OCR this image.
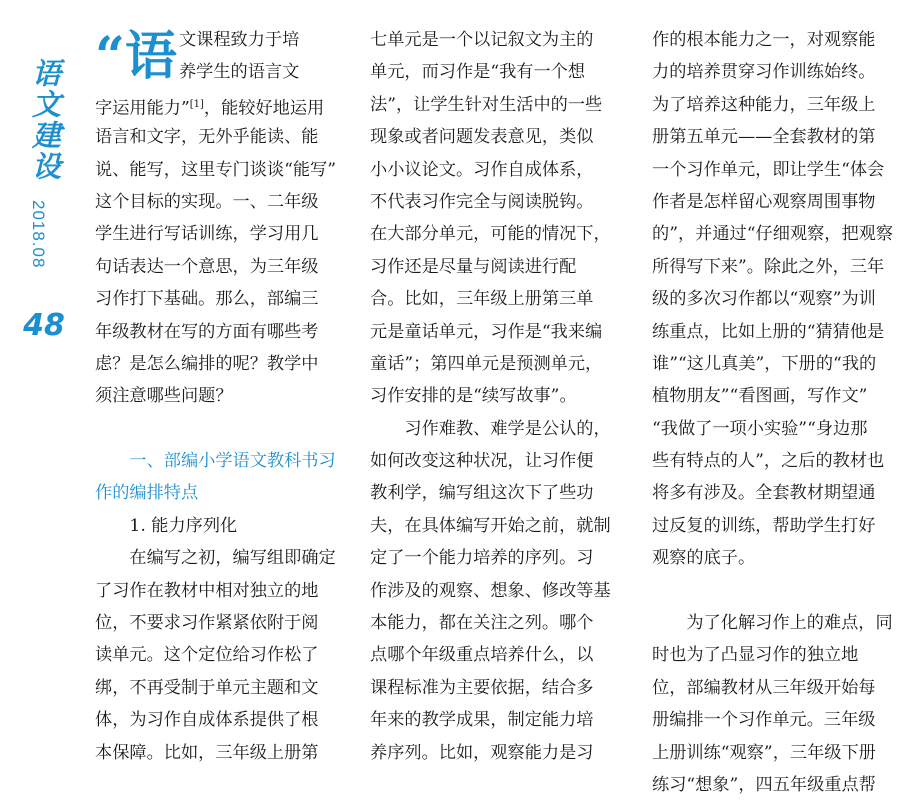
语文建设
2018.08
48
“语 文课程致力于培
养学生的语言文
字运用能力”[1]，能较好地运用
语言和文字，无外乎能读、能
说、能写，这里专门谈谈“能写”
这个目标的实现。一、二年级
学生进行写话训练，学习用几
句话表达一个意思，为三年级
习作打下基础。那么，部编三
年级教材在写的方面有哪些考
虑？是怎么编排的呢？教学中
须注意哪些问题？
一、部编小学语文教科书习
作的编排特点
1. 能力序列化
在编写之初，编写组即确定
了习作在教材中相对独立的地
位，不要求习作紧紧依附于阅
读单元。这个定位给习作松了
绑，不再受制于单元主题和文
体，为习作自成体系提供了根
本保障。比如，三年级上册第
七单元是一个以记叙文为主的
单元，而习作是“我有一个想
法”，让学生针对生活中的一些
现象或者问题发表意见，类似
小小议论文。习作自成体系，
不代表习作完全与阅读脱钩。
在大部分单元，可能的情况下，
习作还是尽量与阅读进行配
合。比如，三年级上册第三单
元是童话单元，习作是“我来编
童话”；第四单元是预测单元，
习作安排的是“续写故事”。
　　习作难教、难学是公认的，
如何改变这种状况，让习作便
教利学，编写组这次下了些功
夫，在具体编写开始之前，就制
定了一个能力培养的序列。习
作涉及的观察、想象、修改等基
本能力，都在关注之列。哪个
点哪个年级重点培养什么，以
课程标准为主要依据，结合多
年来的教学成果，制定能力培
养序列。比如，观察能力是习
作的根本能力之一，对观察能
力的培养贯穿习作训练始终。
为了培养这种能力，三年级上
册第五单元——全套教材的第
一个习作单元，即让学生“体会
作者是怎样留心观察周围事物
的”，并通过“仔细观察，把观察
所得写下来”。除此之外，三年
级的多次习作都以“观察”为训
练重点，比如上册的“猜猜他是
谁”“这儿真美”，下册的“我的
植物朋友”“看图画，写作文”
“我做了一项小实验”“身边那
些有特点的人”，之后的教材也
将多有涉及。全套教材期望通
过反复的训练，帮助学生打好
观察的底子。
　　为了化解习作上的难点，同
时也为了凸显习作的独立地
位，部编教材从三年级开始每
册编排一个习作单元。三年级
上册训练“观察”，三年级下册
练习“想象”，四五年级重点帮
